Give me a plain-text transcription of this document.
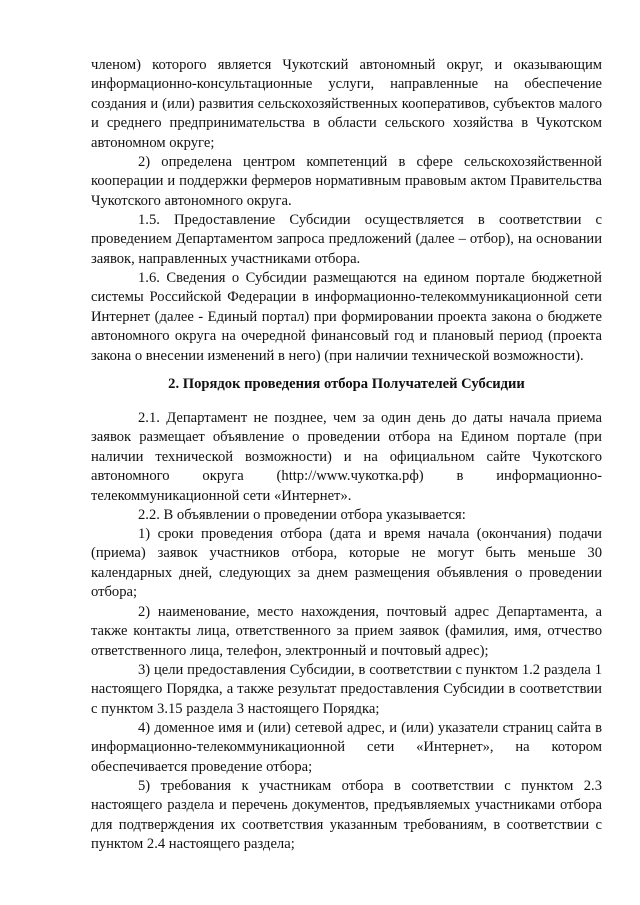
членом) которого является Чукотский автономный округ, и оказывающим информационно-консультационные услуги, направленные на обеспечение создания и (или) развития сельскохозяйственных кооперативов, субъектов малого и среднего предпринимательства в области сельского хозяйства в Чукотском автономном округе;

2) определена центром компетенций в сфере сельскохозяйственной кооперации и поддержки фермеров нормативным правовым актом Правительства Чукотского автономного округа.

1.5. Предоставление Субсидии осуществляется в соответствии с проведением Департаментом запроса предложений (далее – отбор), на основании заявок, направленных участниками отбора.

1.6. Сведения о Субсидии размещаются на едином портале бюджетной системы Российской Федерации в информационно-телекоммуникационной сети Интернет (далее - Единый портал) при формировании проекта закона о бюджете автономного округа на очередной финансовый год и плановый период (проекта закона о внесении изменений в него) (при наличии технической возможности).

2. Порядок проведения отбора Получателей Субсидии

2.1. Департамент не позднее, чем за один день до даты начала приема заявок размещает объявление о проведении отбора на Едином портале (при наличии технической возможности) и на официальном сайте Чукотского автономного округа (http://www.чукотка.рф) в информационно-телекоммуникационной сети «Интернет».

2.2. В объявлении о проведении отбора указывается:

1) сроки проведения отбора (дата и время начала (окончания) подачи (приема) заявок участников отбора, которые не могут быть меньше 30 календарных дней, следующих за днем размещения объявления о проведении отбора;

2) наименование, место нахождения, почтовый адрес Департамента, а также контакты лица, ответственного за прием заявок (фамилия, имя, отчество ответственного лица, телефон, электронный и почтовый адрес);

3) цели предоставления Субсидии, в соответствии с пунктом 1.2 раздела 1 настоящего Порядка, а также результат предоставления Субсидии в соответствии с пунктом 3.15 раздела 3 настоящего Порядка;

4) доменное имя и (или) сетевой адрес, и (или) указатели страниц сайта в информационно-телекоммуникационной сети «Интернет», на котором обеспечивается проведение отбора;

5) требования к участникам отбора в соответствии с пунктом 2.3 настоящего раздела и перечень документов, предъявляемых участниками отбора для подтверждения их соответствия указанным требованиям, в соответствии с пунктом 2.4 настоящего раздела;
